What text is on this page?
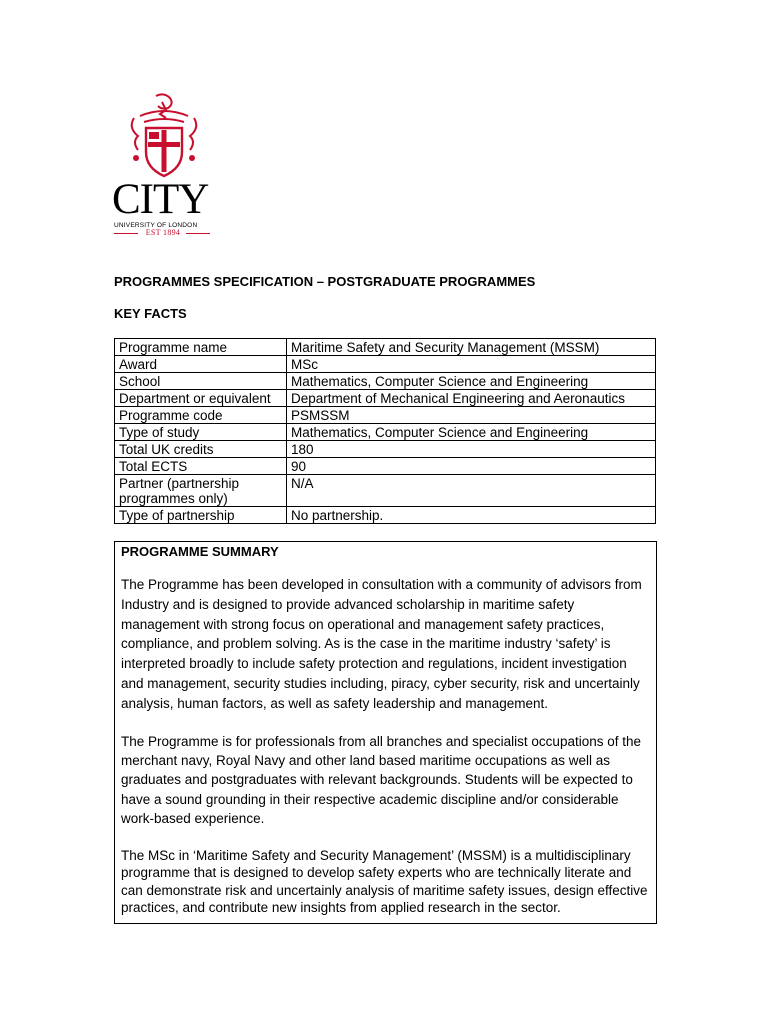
CITY
UNIVERSITY OF LONDON
EST 1894
PROGRAMMES SPECIFICATION – POSTGRADUATE PROGRAMMES
KEY FACTS
Programme name	Maritime Safety and Security Management (MSSM)
Award	MSc
School	Mathematics, Computer Science and Engineering
Department or equivalent	Department of Mechanical Engineering and Aeronautics
Programme code	PSMSSM
Type of study	Mathematics, Computer Science and Engineering
Total UK credits	180
Total ECTS	90
Partner (partnership programmes only)	N/A
Type of partnership	No partnership.
PROGRAMME SUMMARY

The Programme has been developed in consultation with a community of advisors from Industry and is designed to provide advanced scholarship in maritime safety management with strong focus on operational and management safety practices, compliance, and problem solving. As is the case in the maritime industry ‘safety’ is interpreted broadly to include safety protection and regulations, incident investigation and management, security studies including, piracy, cyber security, risk and uncertainly analysis, human factors, as well as safety leadership and management.

The Programme is for professionals from all branches and specialist occupations of the merchant navy, Royal Navy and other land based maritime occupations as well as graduates and postgraduates with relevant backgrounds. Students will be expected to have a sound grounding in their respective academic discipline and/or considerable work-based experience.

The MSc in ‘Maritime Safety and Security Management’ (MSSM) is a multidisciplinary programme that is designed to develop safety experts who are technically literate and can demonstrate risk and uncertainly analysis of maritime safety issues, design effective practices, and contribute new insights from applied research in the sector.
